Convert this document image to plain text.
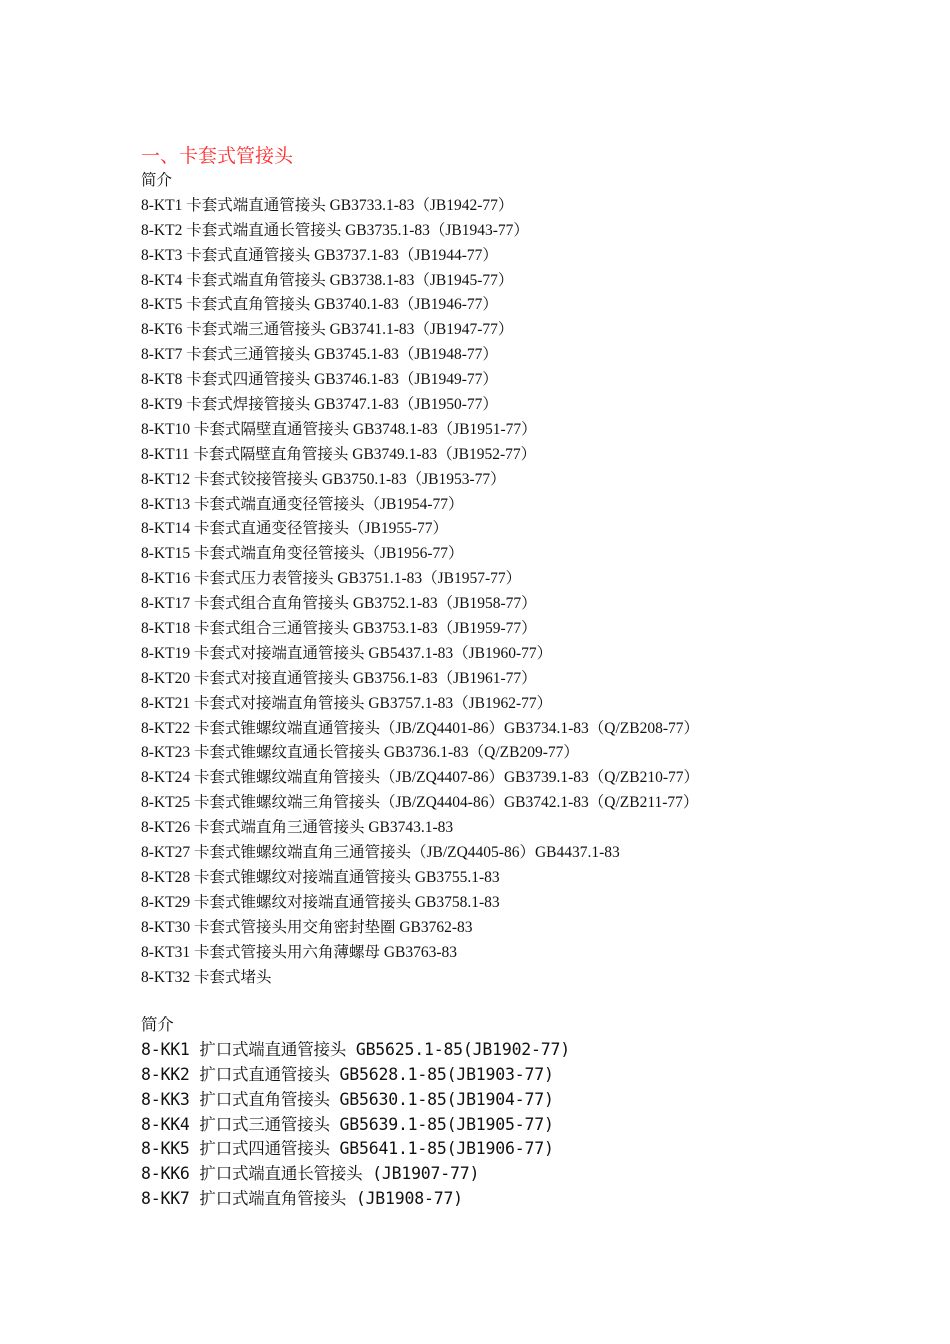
一、卡套式管接头
简介
8-KT1 卡套式端直通管接头 GB3733.1-83（JB1942-77）
8-KT2 卡套式端直通长管接头 GB3735.1-83（JB1943-77）
8-KT3 卡套式直通管接头 GB3737.1-83（JB1944-77）
8-KT4 卡套式端直角管接头 GB3738.1-83（JB1945-77）
8-KT5 卡套式直角管接头 GB3740.1-83（JB1946-77）
8-KT6 卡套式端三通管接头 GB3741.1-83（JB1947-77）
8-KT7 卡套式三通管接头 GB3745.1-83（JB1948-77）
8-KT8 卡套式四通管接头 GB3746.1-83（JB1949-77）
8-KT9 卡套式焊接管接头 GB3747.1-83（JB1950-77）
8-KT10 卡套式隔壁直通管接头 GB3748.1-83（JB1951-77）
8-KT11 卡套式隔壁直角管接头 GB3749.1-83（JB1952-77）
8-KT12 卡套式铰接管接头 GB3750.1-83（JB1953-77）
8-KT13 卡套式端直通变径管接头（JB1954-77）
8-KT14 卡套式直通变径管接头（JB1955-77）
8-KT15 卡套式端直角变径管接头（JB1956-77）
8-KT16 卡套式压力表管接头 GB3751.1-83（JB1957-77）
8-KT17 卡套式组合直角管接头 GB3752.1-83（JB1958-77）
8-KT18 卡套式组合三通管接头 GB3753.1-83（JB1959-77）
8-KT19 卡套式对接端直通管接头 GB5437.1-83（JB1960-77）
8-KT20 卡套式对接直通管接头 GB3756.1-83（JB1961-77）
8-KT21 卡套式对接端直角管接头 GB3757.1-83（JB1962-77）
8-KT22 卡套式锥螺纹端直通管接头（JB/ZQ4401-86）GB3734.1-83（Q/ZB208-77）
8-KT23 卡套式锥螺纹直通长管接头 GB3736.1-83（Q/ZB209-77）
8-KT24 卡套式锥螺纹端直角管接头（JB/ZQ4407-86）GB3739.1-83（Q/ZB210-77）
8-KT25 卡套式锥螺纹端三角管接头（JB/ZQ4404-86）GB3742.1-83（Q/ZB211-77）
8-KT26 卡套式端直角三通管接头 GB3743.1-83
8-KT27 卡套式锥螺纹端直角三通管接头（JB/ZQ4405-86）GB4437.1-83
8-KT28 卡套式锥螺纹对接端直通管接头 GB3755.1-83
8-KT29 卡套式锥螺纹对接端直通管接头 GB3758.1-83
8-KT30 卡套式管接头用交角密封垫圈 GB3762-83
8-KT31 卡套式管接头用六角薄螺母 GB3763-83
8-KT32 卡套式堵头
简介
8-KK1 扩口式端直通管接头 GB5625.1-85(JB1902-77)
8-KK2 扩口式直通管接头 GB5628.1-85(JB1903-77)
8-KK3 扩口式直角管接头 GB5630.1-85(JB1904-77)
8-KK4 扩口式三通管接头 GB5639.1-85(JB1905-77)
8-KK5 扩口式四通管接头 GB5641.1-85(JB1906-77)
8-KK6 扩口式端直通长管接头 (JB1907-77)
8-KK7 扩口式端直角管接头 (JB1908-77)
